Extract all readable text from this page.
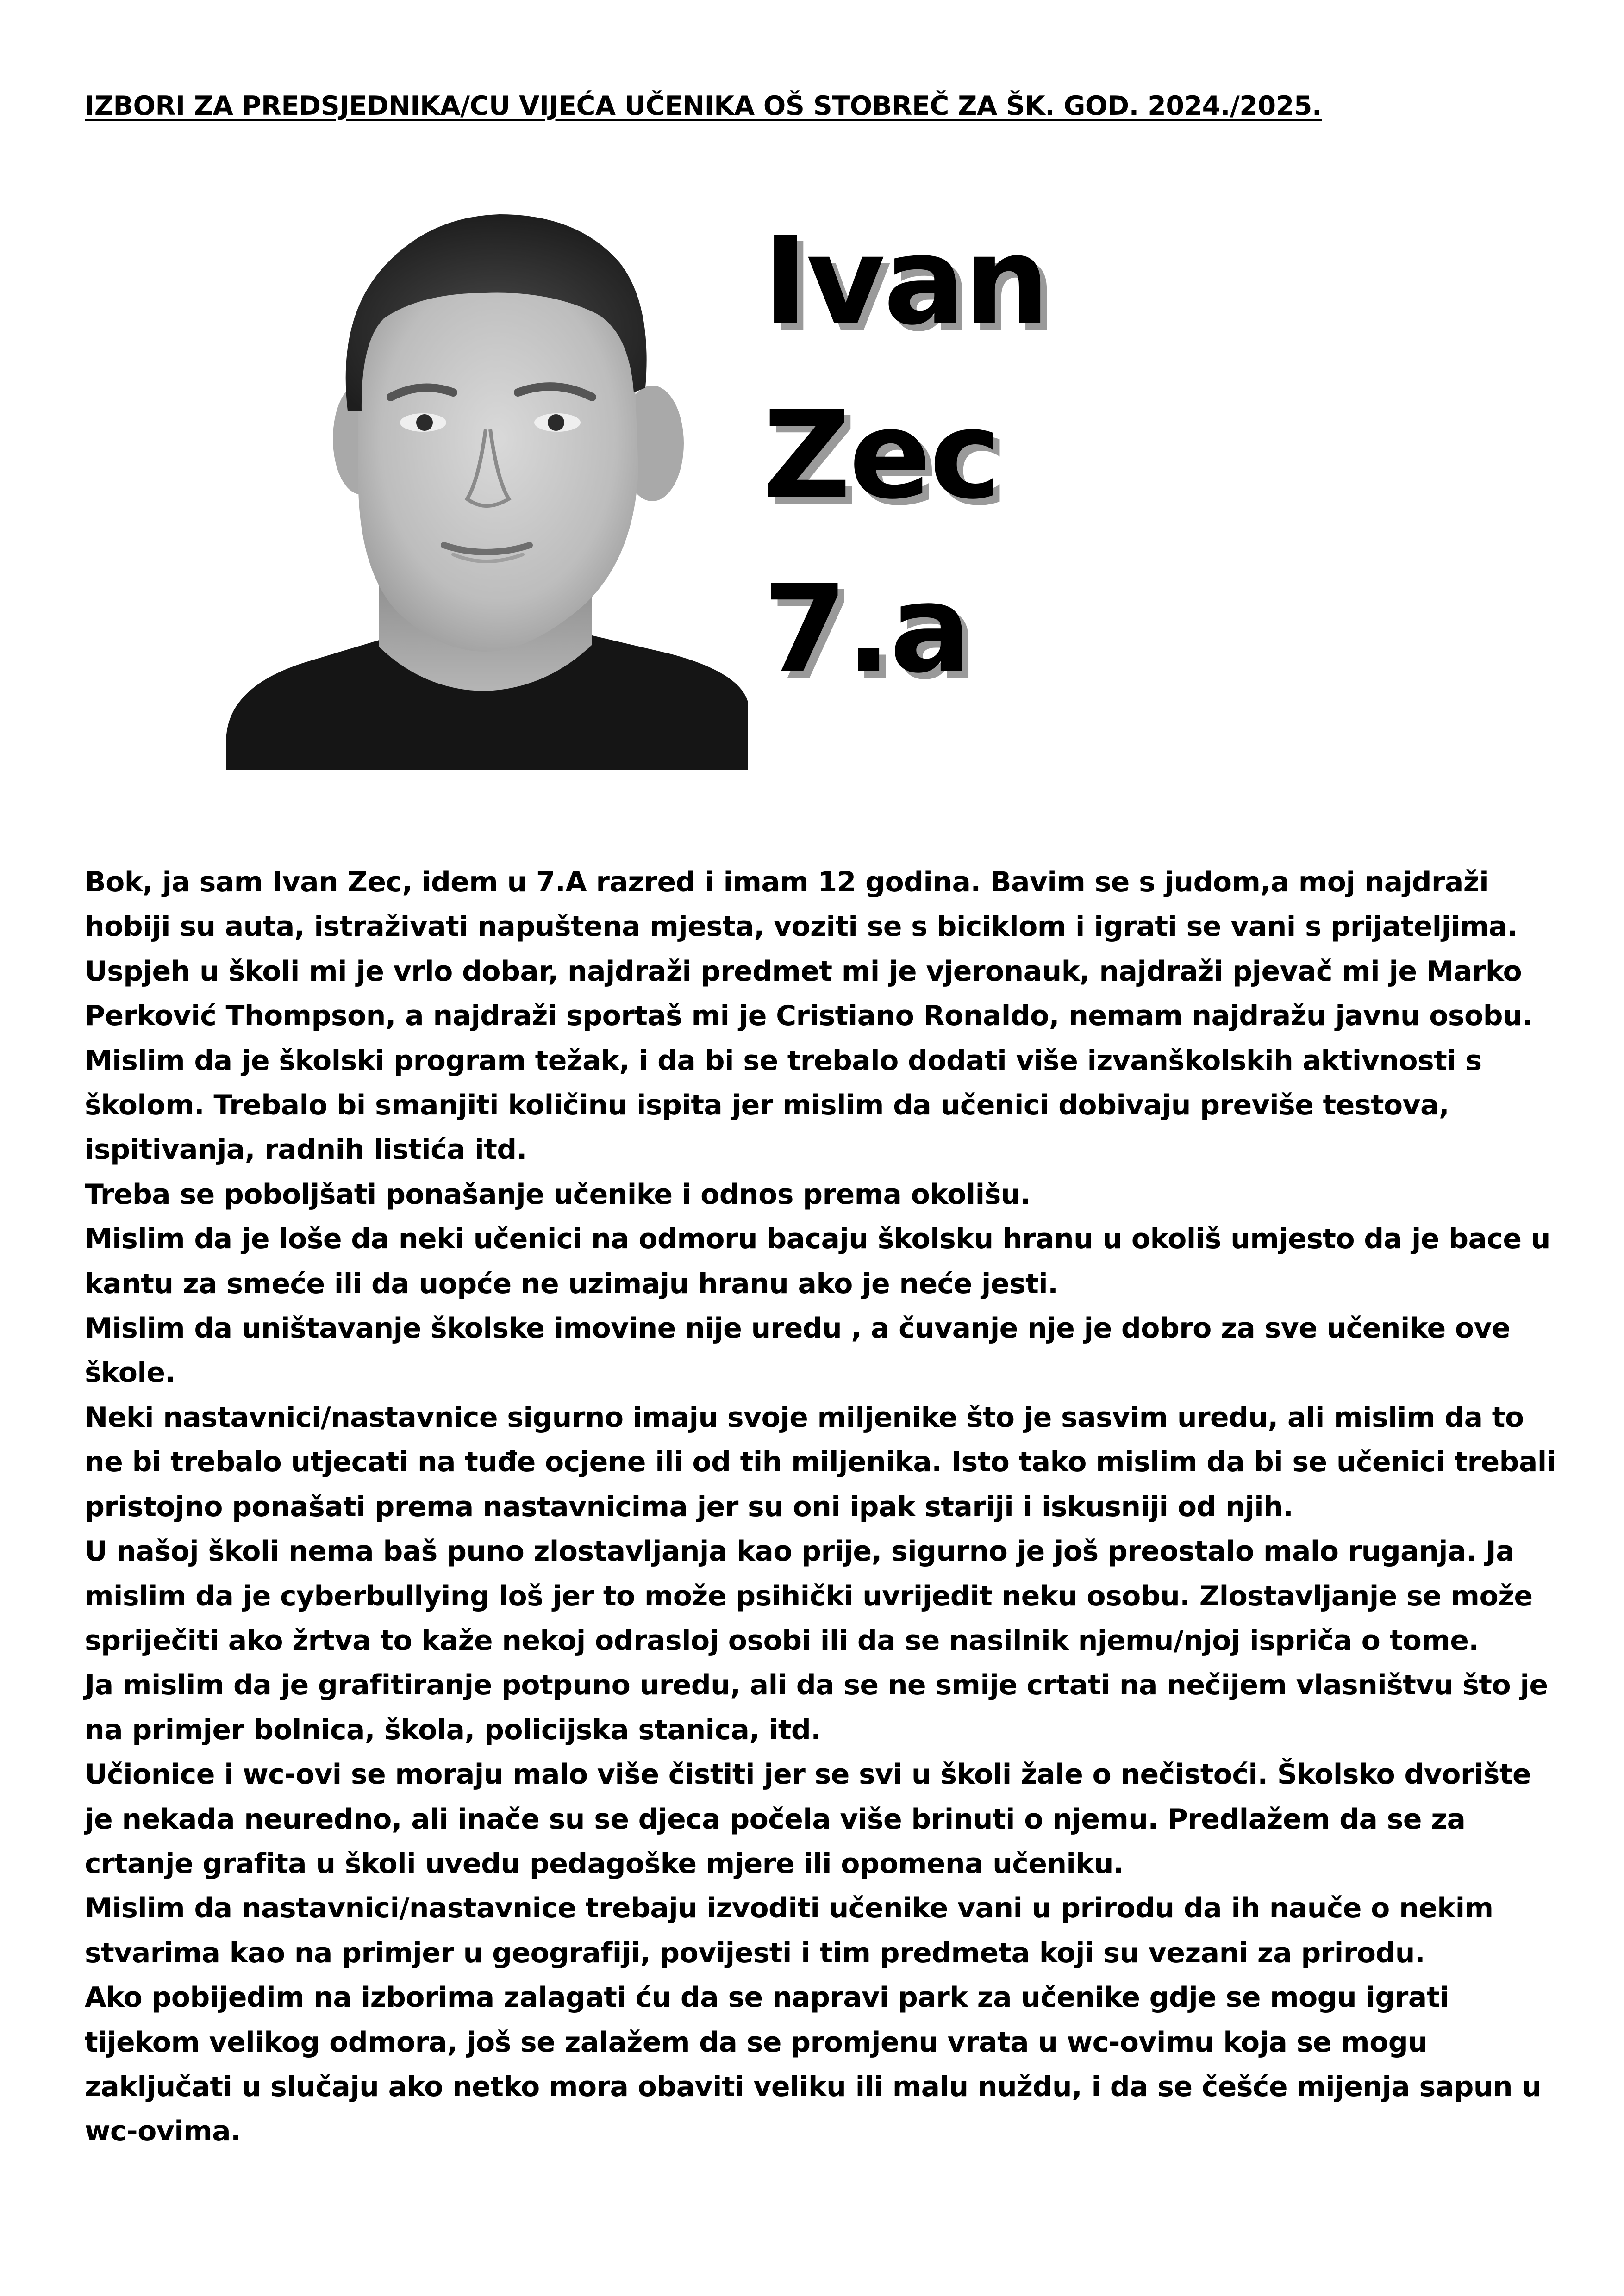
IZBORI ZA PREDSJEDNIKA/CU VIJEĆA UČENIKA OŠ STOBREČ ZA ŠK. GOD. 2024./2025.
Ivan
Zec
7.a

Bok, ja sam Ivan Zec, idem u 7.A razred i imam 12 godina. Bavim se s judom,a moj najdraži hobiji su auta, istraživati napuštena mjesta, voziti se s biciklom i igrati se vani s prijateljima. Uspjeh u školi mi je vrlo dobar, najdraži predmet mi je vjeronauk, najdraži pjevač mi je Marko Perković Thompson, a najdraži sportaš mi je Cristiano Ronaldo, nemam najdražu javnu osobu. Mislim da je školski program težak, i da bi se trebalo dodati više izvanškolskih aktivnosti s školom. Trebalo bi smanjiti količinu ispita jer mislim da učenici dobivaju previše testova, ispitivanja, radnih listića itd.

Treba se poboljšati ponašanje učenike i odnos prema okolišu.

Mislim da je loše da neki učenici na odmoru bacaju školsku hranu u okoliš umjesto da je bace u kantu za smeće ili da uopće ne uzimaju hranu ako je neće jesti.

Mislim da uništavanje školske imovine nije uredu , a čuvanje nje je dobro za sve učenike ove škole.

Neki nastavnici/nastavnice sigurno imaju svoje miljenike što je sasvim uredu, ali mislim da to ne bi trebalo utjecati na tuđe ocjene ili od tih miljenika. Isto tako mislim da bi se učenici trebali pristojno ponašati prema nastavnicima jer su oni ipak stariji i iskusniji od njih.

U našoj školi nema baš puno zlostavljanja kao prije, sigurno je još preostalo malo ruganja. Ja mislim da je cyberbullying loš jer to može psihički uvrijedit neku osobu. Zlostavljanje se može spriječiti ako žrtva to kaže nekoj odrasloj osobi ili da se nasilnik njemu/njoj ispriča o tome.

Ja mislim da je grafitiranje potpuno uredu, ali da se ne smije crtati na nečijem vlasništvu što je na primjer bolnica, škola, policijska stanica, itd.

Učionice i wc-ovi se moraju malo više čistiti jer se svi u školi žale o nečistoći. Školsko dvorište je nekada neuredno, ali inače su se djeca počela više brinuti o njemu. Predlažem da se za crtanje grafita u školi uvedu pedagoške mjere ili opomena učeniku.

Mislim da nastavnici/nastavnice trebaju izvoditi učenike vani u prirodu da ih nauče o nekim stvarima kao na primjer u geografiji, povijesti i tim predmeta koji su vezani za prirodu.

Ako pobijedim na izborima zalagati ću da se napravi park za učenike gdje se mogu igrati tijekom velikog odmora, još se zalažem da se promjenu vrata u wc-ovimu koja se mogu zaključati u slučaju ako netko mora obaviti veliku ili malu nuždu, i da se češće mijenja sapun u wc-ovima.
